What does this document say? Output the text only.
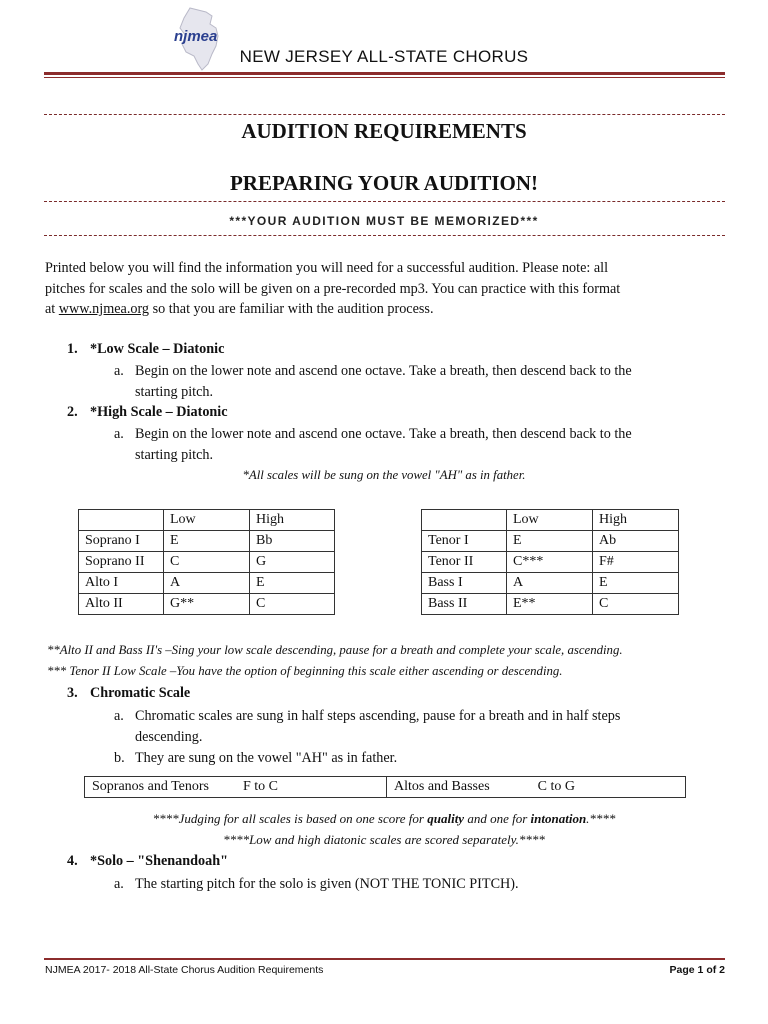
njmea
NEW JERSEY ALL-STATE CHORUS
AUDITION REQUIREMENTS
PREPARING YOUR AUDITION!
***YOUR AUDITION MUST BE MEMORIZED***
Printed below you will find the information you will need for a successful audition. Please note: all
pitches for scales and the solo will be given on a pre-recorded mp3. You can practice with this format
at www.njmea.org so that you are familiar with the audition process.
1. *Low Scale – Diatonic
a. Begin on the lower note and ascend one octave. Take a breath, then descend back to the
starting pitch.
2. *High Scale – Diatonic
a. Begin on the lower note and ascend one octave. Take a breath, then descend back to the
starting pitch.
*All scales will be sung on the vowel "AH" as in father.
	Low	High
Soprano I	E	Bb
Soprano II	C	G
Alto I	A	E
Alto II	G**	C
	Low	High
Tenor I	E	Ab
Tenor II	C***	F#
Bass I	A	E
Bass II	E**	C
**Alto II and Bass II's –Sing your low scale descending, pause for a breath and complete your scale, ascending.
*** Tenor II Low Scale –You have the option of beginning this scale either ascending or descending.
3. Chromatic Scale
a. Chromatic scales are sung in half steps ascending, pause for a breath and in half steps
descending.
b. They are sung on the vowel "AH" as in father.
Sopranos and Tenors F to C	Altos and Basses	C to G
****Judging for all scales is based on one score for quality and one for intonation.****
****Low and high diatonic scales are scored separately.****
4. *Solo – "Shenandoah"
a. The starting pitch for the solo is given (NOT THE TONIC PITCH).
NJMEA 2017- 2018 All-State Chorus Audition Requirements	Page 1 of 2
